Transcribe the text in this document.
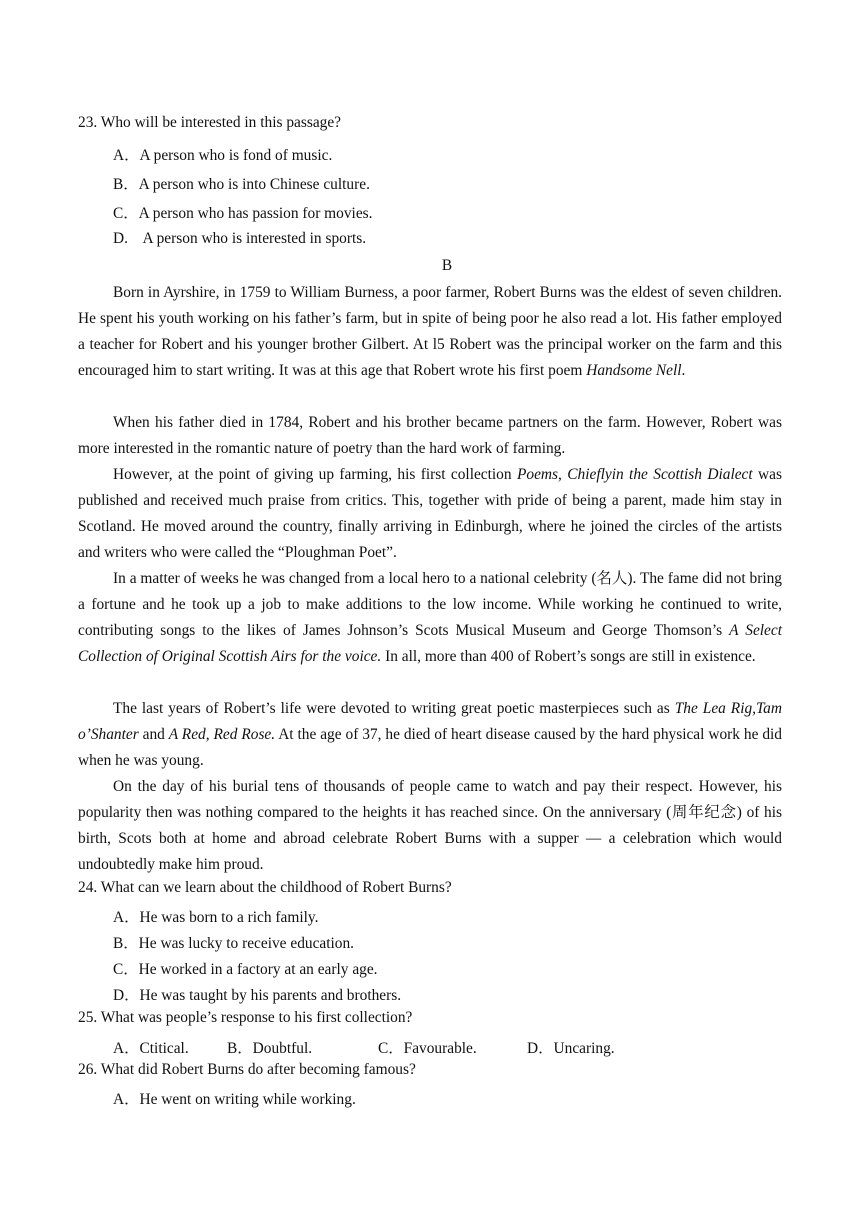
23. Who will be interested in this passage?
A．A person who is fond of music.
B．A person who is into Chinese culture.
C．A person who has passion for movies.
D.    A person who is interested in sports.
B

Born in Ayrshire, in 1759 to William Burness, a poor farmer, Robert Burns was the eldest of seven children. He spent his youth working on his father’s farm, but in spite of being poor he also read a lot. His father employed a teacher for Robert and his younger brother Gilbert. At l5 Robert was the principal worker on the farm and this encouraged him to start writing. It was at this age that Robert wrote his first poem Handsome Nell.

When his father died in 1784, Robert and his brother became partners on the farm. However, Robert was more interested in the romantic nature of poetry than the hard work of farming.

However, at the point of giving up farming, his first collection Poems, Chieflyin the Scottish Dialect was published and received much praise from critics. This, together with pride of being a parent, made him stay in Scotland. He moved around the country, finally arriving in Edinburgh, where he joined the circles of the artists and writers who were called the “Ploughman Poet”.

In a matter of weeks he was changed from a local hero to a national celebrity (名人). The fame did not bring a fortune and he took up a job to make additions to the low income. While working he continued to write, contributing songs to the likes of James Johnson’s Scots Musical Museum and George Thomson’s A Select Collection of Original Scottish Airs for the voice. In all, more than 400 of Robert’s songs are still in existence.

The last years of Robert’s life were devoted to writing great poetic masterpieces such as The Lea Rig,Tam o’Shanter and A Red, Red Rose. At the age of 37, he died of heart disease caused by the hard physical work he did when he was young.

On the day of his burial tens of thousands of people came to watch and pay their respect. However, his popularity then was nothing compared to the heights it has reached since. On the anniversary (周年纪念) of his birth, Scots both at home and abroad celebrate Robert Burns with a supper — a celebration which would undoubtedly make him proud.

24. What can we learn about the childhood of Robert Burns?
A．He was born to a rich family.
B．He was lucky to receive education.
C．He worked in a factory at an early age.
D．He was taught by his parents and brothers.
25. What was people’s response to his first collection?
A．Ctitical. B．Doubtful.	C．Favourable.	D．Uncaring.
26. What did Robert Burns do after becoming famous?
A．He went on writing while working.
